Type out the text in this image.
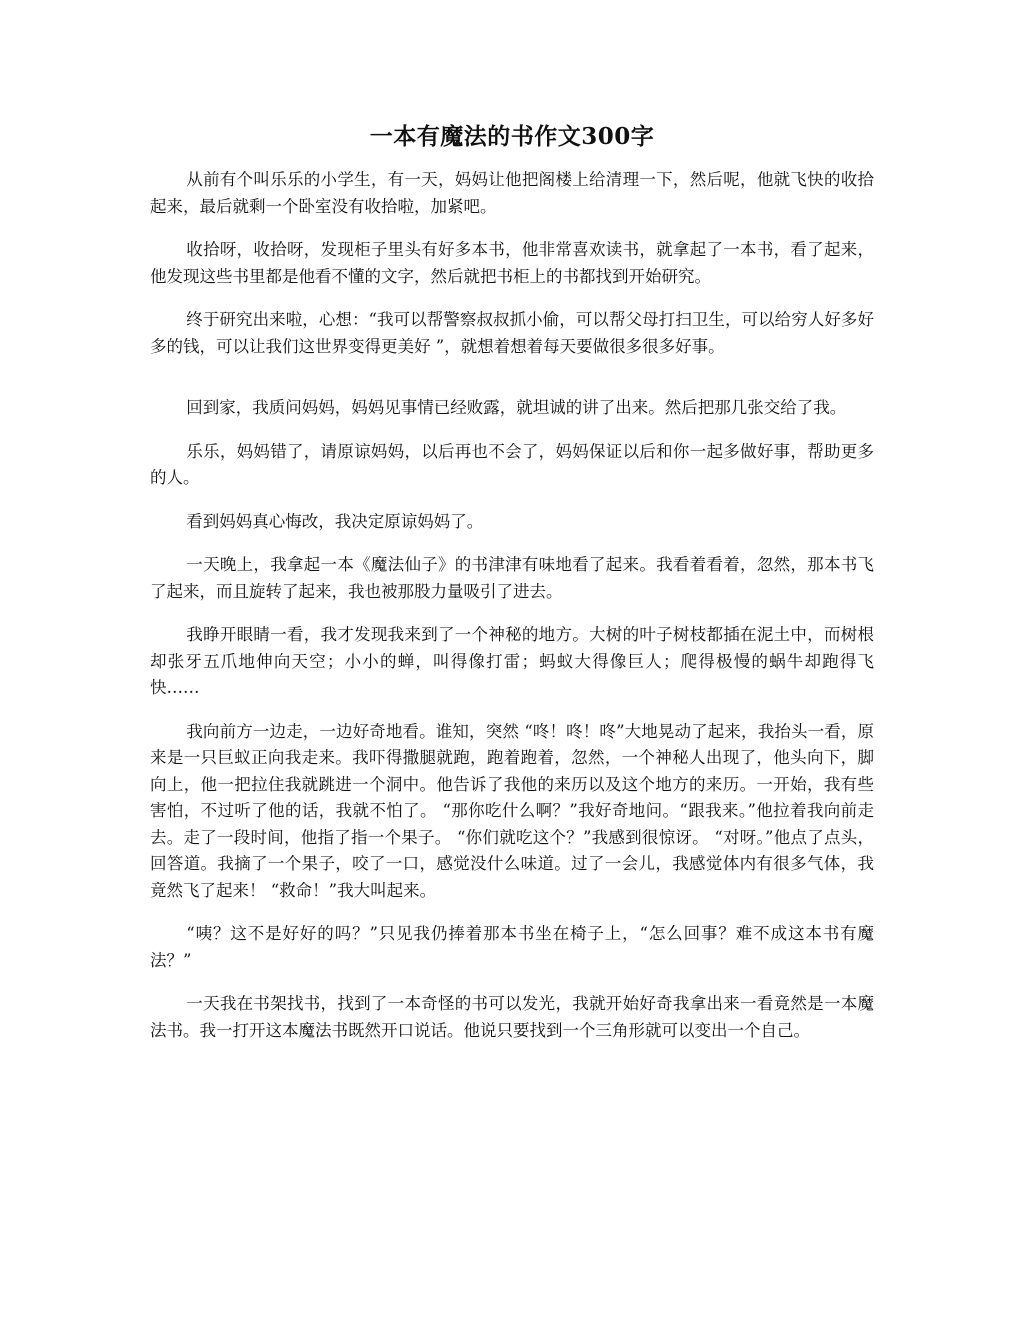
一本有魔法的书作文300字

从前有个叫乐乐的小学生，有一天，妈妈让他把阁楼上给清理一下，然后呢，他就飞快的收拾起来，最后就剩一个卧室没有收拾啦，加紧吧。

收拾呀，收拾呀，发现柜子里头有好多本书，他非常喜欢读书，就拿起了一本书，看了起来，他发现这些书里都是他看不懂的文字，然后就把书柜上的书都找到开始研究。

终于研究出来啦，心想：“我可以帮警察叔叔抓小偷，可以帮父母打扫卫生，可以给穷人好多好多的钱，可以让我们这世界变得更美好 ”，就想着想着每天要做很多很多好事。

回到家，我质问妈妈，妈妈见事情已经败露，就坦诚的讲了出来。然后把那几张交给了我。

乐乐，妈妈错了，请原谅妈妈，以后再也不会了，妈妈保证以后和你一起多做好事，帮助更多的人。

看到妈妈真心悔改，我决定原谅妈妈了。

一天晚上，我拿起一本《魔法仙子》的书津津有味地看了起来。我看着看着，忽然，那本书飞了起来，而且旋转了起来，我也被那股力量吸引了进去。

我睁开眼睛一看，我才发现我来到了一个神秘的地方。大树的叶子树枝都插在泥土中，而树根却张牙五爪地伸向天空；小小的蝉，叫得像打雷；蚂蚁大得像巨人；爬得极慢的蜗牛却跑得飞快……

我向前方一边走，一边好奇地看。谁知，突然 “咚！咚！咚”大地晃动了起来，我抬头一看，原来是一只巨蚁正向我走来。我吓得撒腿就跑，跑着跑着，忽然，一个神秘人出现了，他头向下，脚向上，他一把拉住我就跳进一个洞中。他告诉了我他的来历以及这个地方的来历。一开始，我有些害怕，不过听了他的话，我就不怕了。 “那你吃什么啊？”我好奇地问。“跟我来。”他拉着我向前走去。走了一段时间，他指了指一个果子。 “你们就吃这个？”我感到很惊讶。 “对呀。”他点了点头，回答道。我摘了一个果子，咬了一口，感觉没什么味道。过了一会儿，我感觉体内有很多气体，我竟然飞了起来！ “救命！”我大叫起来。

“咦？这不是好好的吗？”只见我仍捧着那本书坐在椅子上，“怎么回事？难不成这本书有魔法？”

一天我在书架找书，找到了一本奇怪的书可以发光，我就开始好奇我拿出来一看竟然是一本魔法书。我一打开这本魔法书既然开口说话。他说只要找到一个三角形就可以变出一个自己。
